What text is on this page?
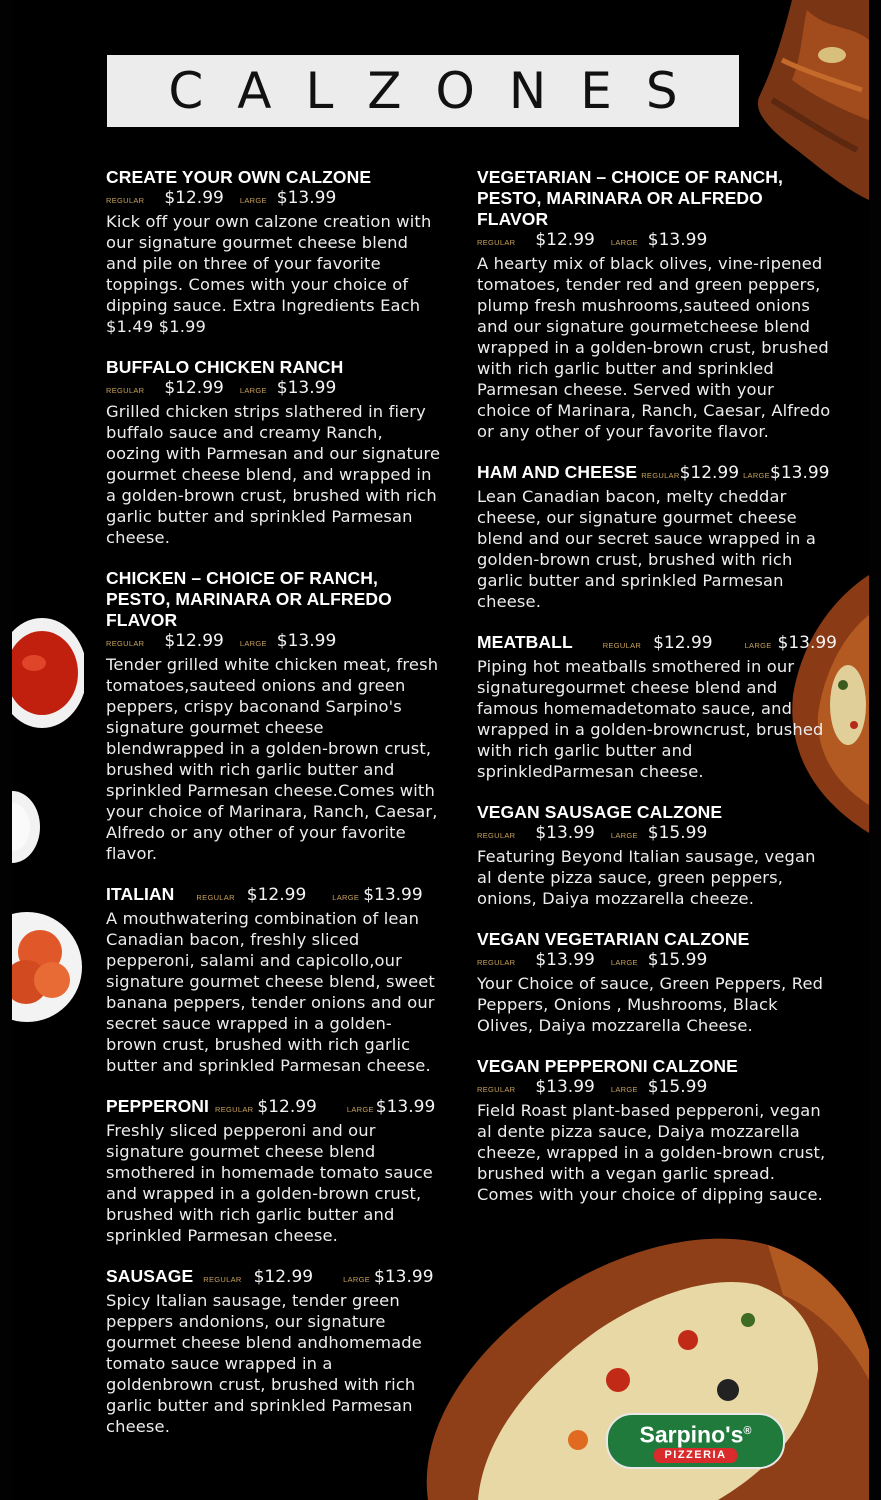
CALZONES
CREATE YOUR OWN CALZONE
REGULAR $12.99 LARGE $13.99
Kick off your own calzone creation with our signature gourmet cheese blend and pile on three of your favorite toppings. Comes with your choice of dipping sauce. Extra Ingredients Each $1.49 $1.99
BUFFALO CHICKEN RANCH
REGULAR $12.99 LARGE $13.99
Grilled chicken strips slathered in fiery buffalo sauce and creamy Ranch, oozing with Parmesan and our signature gourmet cheese blend, and wrapped in a golden-brown crust, brushed with rich garlic butter and sprinkled Parmesan cheese.
CHICKEN – CHOICE OF RANCH, PESTO, MARINARA OR ALFREDO FLAVOR
REGULAR $12.99 LARGE $13.99
Tender grilled white chicken meat, fresh tomatoes,sauteed onions and green peppers, crispy baconand Sarpino's signature gourmet cheese blendwrapped in a golden-brown crust, brushed with rich garlic butter and sprinkled Parmesan cheese.Comes with your choice of Marinara, Ranch, Caesar, Alfredo or any other of your favorite flavor.
ITALIAN	REGULAR $12.99	LARGE $13.99
A mouthwatering combination of lean Canadian bacon, freshly sliced pepperoni, salami and capicollo,our signature gourmet cheese blend, sweet banana peppers, tender onions and our secret sauce wrapped in a golden-brown crust, brushed with rich garlic butter and sprinkled Parmesan cheese.
PEPPERONI REGULAR $12.99	LARGE $13.99
Freshly sliced pepperoni and our signature gourmet cheese blend smothered in homemade tomato sauce and wrapped in a golden-brown crust, brushed with rich garlic butter and sprinkled Parmesan cheese.
SAUSAGE REGULAR $12.99	LARGE $13.99
Spicy Italian sausage, tender green peppers andonions, our signature gourmet cheese blend andhomemade tomato sauce wrapped in a goldenbrown crust, brushed with rich garlic butter and sprinkled Parmesan cheese.
VEGETARIAN – CHOICE OF RANCH, PESTO, MARINARA OR ALFREDO FLAVOR
REGULAR $12.99 LARGE $13.99
A hearty mix of black olives, vine-ripened tomatoes, tender red and green peppers, plump fresh mushrooms,sauteed onions and our signature gourmetcheese blend wrapped in a golden-brown crust, brushed with rich garlic butter and sprinkled Parmesan cheese. Served with your choice of Marinara, Ranch, Caesar, Alfredo or any other of your favorite flavor.
HAM AND CHEESE REGULAR $12.99 LARGE $13.99
Lean Canadian bacon, melty cheddar cheese, our signature gourmet cheese blend and our secret sauce wrapped in a golden-brown crust, brushed with rich garlic butter and sprinkled Parmesan cheese.
MEATBALL	REGULAR $12.99	LARGE $13.99
Piping hot meatballs smothered in our signaturegourmet cheese blend and famous homemadetomato sauce, and wrapped in a golden-browncrust, brushed with rich garlic butter and sprinkledParmesan cheese.
VEGAN SAUSAGE CALZONE
REGULAR $13.99 LARGE $15.99
Featuring Beyond Italian sausage, vegan al dente pizza sauce, green peppers, onions, Daiya mozzarella cheeze.
VEGAN VEGETARIAN CALZONE
REGULAR $13.99 LARGE $15.99
Your Choice of sauce, Green Peppers, Red Peppers, Onions , Mushrooms, Black Olives, Daiya mozzarella Cheese.
VEGAN PEPPERONI CALZONE
REGULAR $13.99 LARGE $15.99
Field Roast plant-based pepperoni, vegan al dente pizza sauce, Daiya mozzarella cheeze, wrapped in a golden-brown crust, brushed with a vegan garlic spread. Comes with your choice of dipping sauce.
Sarpino's®
PIZZERIA
